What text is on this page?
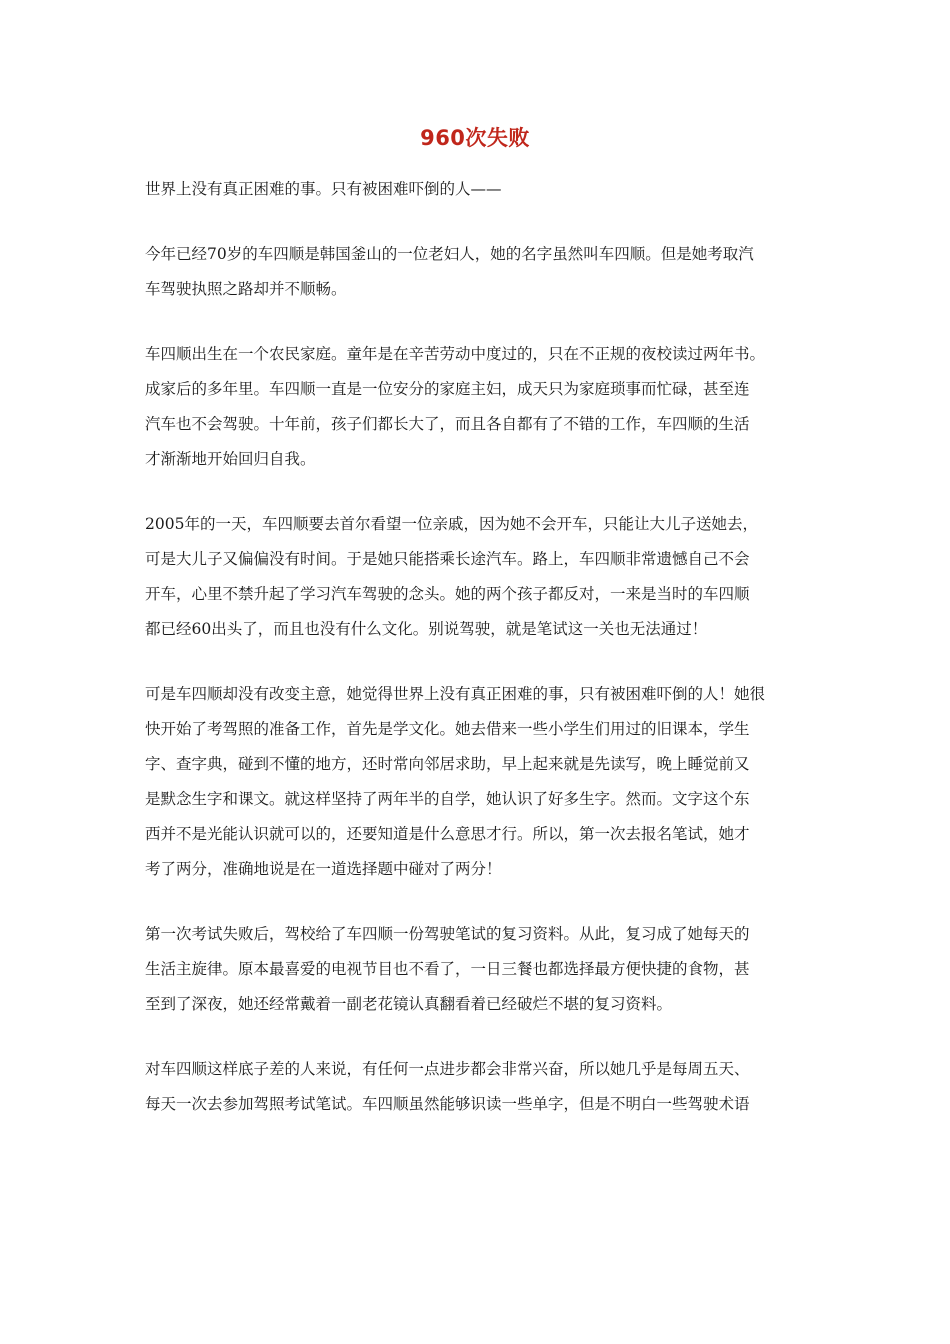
960次失败

世界上没有真正困难的事。只有被困难吓倒的人——

今年已经70岁的车四顺是韩国釜山的一位老妇人，她的名字虽然叫车四顺。但是她考取汽
车驾驶执照之路却并不顺畅。

车四顺出生在一个农民家庭。童年是在辛苦劳动中度过的，只在不正规的夜校读过两年书。
成家后的多年里。车四顺一直是一位安分的家庭主妇，成天只为家庭琐事而忙碌，甚至连
汽车也不会驾驶。十年前，孩子们都长大了，而且各自都有了不错的工作，车四顺的生活
才渐渐地开始回归自我。

2005年的一天，车四顺要去首尔看望一位亲戚，因为她不会开车，只能让大儿子送她去，
可是大儿子又偏偏没有时间。于是她只能搭乘长途汽车。路上，车四顺非常遗憾自己不会
开车，心里不禁升起了学习汽车驾驶的念头。她的两个孩子都反对，一来是当时的车四顺
都已经60出头了，而且也没有什么文化。别说驾驶，就是笔试这一关也无法通过！

可是车四顺却没有改变主意，她觉得世界上没有真正困难的事，只有被困难吓倒的人！她很
快开始了考驾照的准备工作，首先是学文化。她去借来一些小学生们用过的旧课本，学生
字、查字典，碰到不懂的地方，还时常向邻居求助，早上起来就是先读写，晚上睡觉前又
是默念生字和课文。就这样坚持了两年半的自学，她认识了好多生字。然而。文字这个东
西并不是光能认识就可以的，还要知道是什么意思才行。所以，第一次去报名笔试，她才
考了两分，准确地说是在一道选择题中碰对了两分！

第一次考试失败后，驾校给了车四顺一份驾驶笔试的复习资料。从此，复习成了她每天的
生活主旋律。原本最喜爱的电视节目也不看了，一日三餐也都选择最方便快捷的食物，甚
至到了深夜，她还经常戴着一副老花镜认真翻看着已经破烂不堪的复习资料。

对车四顺这样底子差的人来说，有任何一点进步都会非常兴奋，所以她几乎是每周五天、
每天一次去参加驾照考试笔试。车四顺虽然能够识读一些单字，但是不明白一些驾驶术语
